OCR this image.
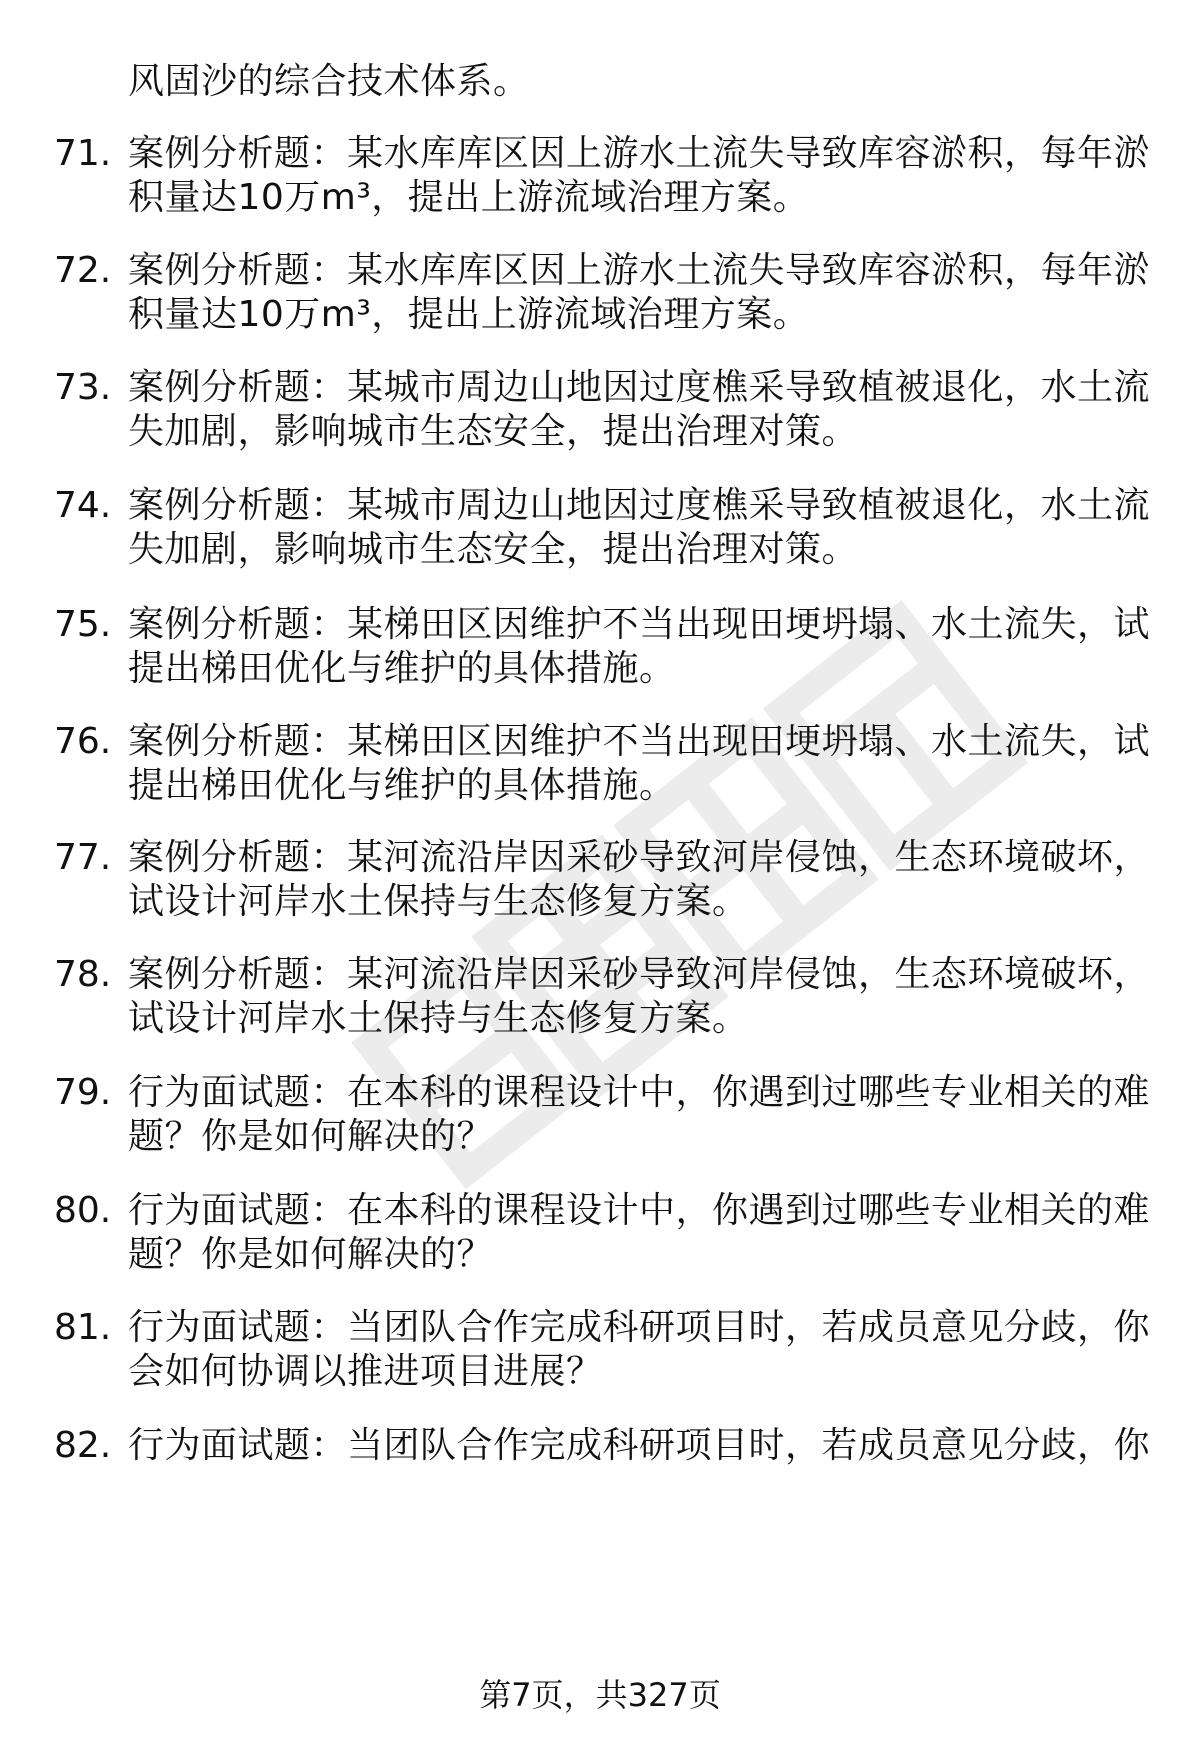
风固沙的综合技术体系。
71. 案例分析题：某水库库区因上游水土流失导致库容淤积，每年淤
积量达10万m³，提出上游流域治理方案。
72. 案例分析题：某水库库区因上游水土流失导致库容淤积，每年淤
积量达10万m³，提出上游流域治理方案。
73. 案例分析题：某城市周边山地因过度樵采导致植被退化，水土流
失加剧，影响城市生态安全，提出治理对策。
74. 案例分析题：某城市周边山地因过度樵采导致植被退化，水土流
失加剧，影响城市生态安全，提出治理对策。
75. 案例分析题：某梯田区因维护不当出现田埂坍塌、水土流失，试
提出梯田优化与维护的具体措施。
76. 案例分析题：某梯田区因维护不当出现田埂坍塌、水土流失，试
提出梯田优化与维护的具体措施。
77. 案例分析题：某河流沿岸因采砂导致河岸侵蚀，生态环境破坏，
试设计河岸水土保持与生态修复方案。
78. 案例分析题：某河流沿岸因采砂导致河岸侵蚀，生态环境破坏，
试设计河岸水土保持与生态修复方案。
79. 行为面试题：在本科的课程设计中，你遇到过哪些专业相关的难
题？你是如何解决的？
80. 行为面试题：在本科的课程设计中，你遇到过哪些专业相关的难
题？你是如何解决的？
81. 行为面试题：当团队合作完成科研项目时，若成员意见分歧，你
会如何协调以推进项目进展？
82. 行为面试题：当团队合作完成科研项目时，若成员意见分歧，你
第7页，共327页
